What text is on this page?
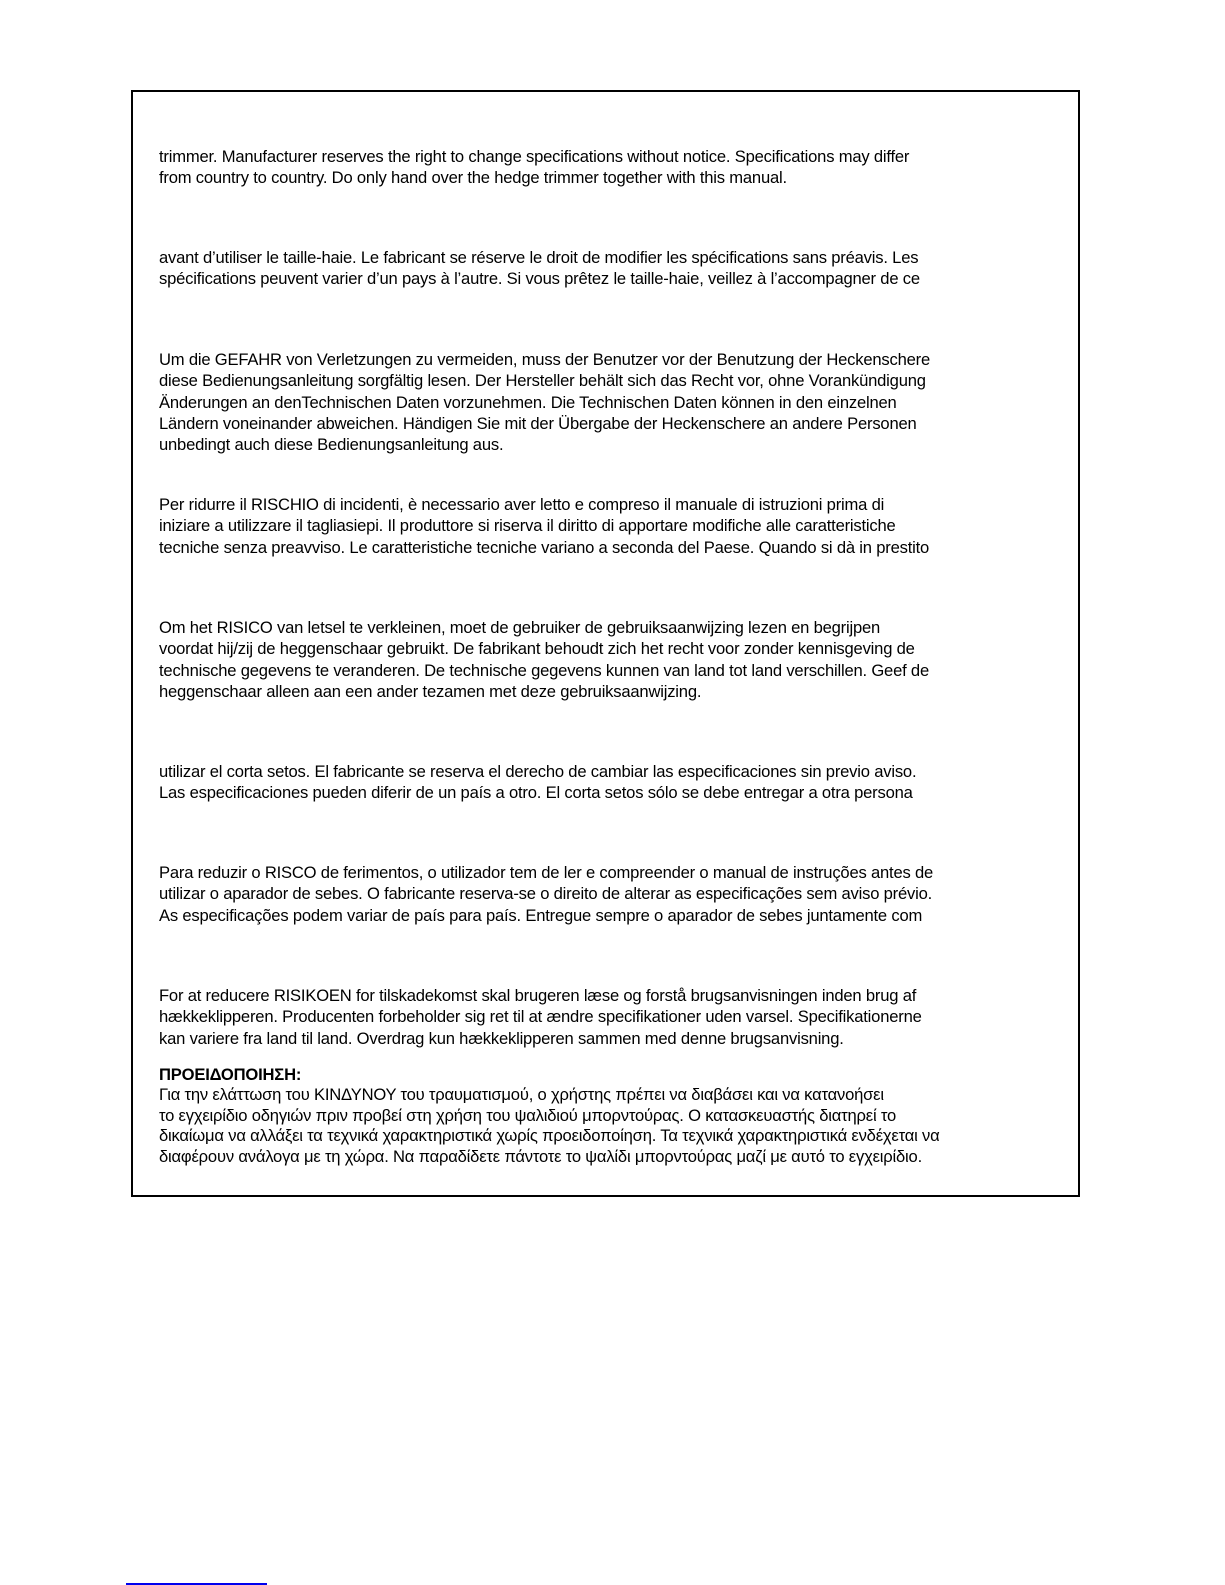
trimmer. Manufacturer reserves the right to change specifications without notice. Specifications may differ
from country to country. Do only hand over the hedge trimmer together with this manual.
avant d’utiliser le taille-haie. Le fabricant se réserve le droit de modifier les spécifications sans préavis. Les
spécifications peuvent varier d’un pays à l’autre. Si vous prêtez le taille-haie, veillez à l’accompagner de ce
Um die GEFAHR von Verletzungen zu vermeiden, muss der Benutzer vor der Benutzung der Heckenschere
diese Bedienungsanleitung sorgfältig lesen. Der Hersteller behält sich das Recht vor, ohne Vorankündigung
Änderungen an denTechnischen Daten vorzunehmen. Die Technischen Daten können in den einzelnen
Ländern voneinander abweichen. Händigen Sie mit der Übergabe der Heckenschere an andere Personen
unbedingt auch diese Bedienungsanleitung aus.
Per ridurre il RISCHIO di incidenti, è necessario aver letto e compreso il manuale di istruzioni prima di
iniziare a utilizzare il tagliasiepi. Il produttore si riserva il diritto di apportare modifiche alle caratteristiche
tecniche senza preavviso. Le caratteristiche tecniche variano a seconda del Paese. Quando si dà in prestito
Om het RISICO van letsel te verkleinen, moet de gebruiker de gebruiksaanwijzing lezen en begrijpen
voordat hij/zij de heggenschaar gebruikt. De fabrikant behoudt zich het recht voor zonder kennisgeving de
technische gegevens te veranderen. De technische gegevens kunnen van land tot land verschillen. Geef de
heggenschaar alleen aan een ander tezamen met deze gebruiksaanwijzing.
utilizar el corta setos. El fabricante se reserva el derecho de cambiar las especificaciones sin previo aviso.
Las especificaciones pueden diferir de un país a otro. El corta setos sólo se debe entregar a otra persona
Para reduzir o RISCO de ferimentos, o utilizador tem de ler e compreender o manual de instruções antes de
utilizar o aparador de sebes. O fabricante reserva-se o direito de alterar as especificações sem aviso prévio.
As especificações podem variar de país para país. Entregue sempre o aparador de sebes juntamente com
For at reducere RISIKOEN for tilskadekomst skal brugeren læse og forstå brugsanvisningen inden brug af
hækkeklipperen. Producenten forbeholder sig ret til at ændre specifikationer uden varsel. Specifikationerne
kan variere fra land til land. Overdrag kun hækkeklipperen sammen med denne brugsanvisning.
ΠΡΟΕΙΔΟΠΟΙΗΣΗ:
Για την ελάττωση του ΚΙΝΔΥΝΟΥ του τραυματισμού, ο χρήστης πρέπει να διαβάσει και να κατανοήσει
το εγχειρίδιο οδηγιών πριν προβεί στη χρήση του ψαλιδιού μπορντούρας. Ο κατασκευαστής διατηρεί το
δικαίωμα να αλλάξει τα τεχνικά χαρακτηριστικά χωρίς προειδοποίηση. Τα τεχνικά χαρακτηριστικά ενδέχεται να
διαφέρουν ανάλογα με τη χώρα. Να παραδίδετε πάντοτε το ψαλίδι μπορντούρας μαζί με αυτό το εγχειρίδιο.
